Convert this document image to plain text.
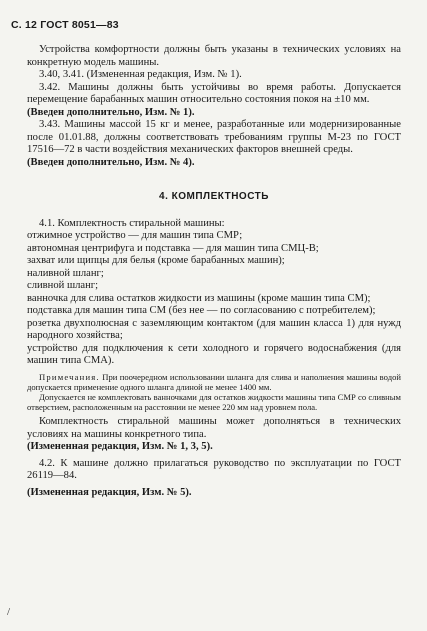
С. 12 ГОСТ 8051—83

Устройства комфортности должны быть указаны в технических условиях на конкретную модель машины.

3.40, 3.41. (Измененная редакция, Изм. № 1).

3.42. Машины должны быть устойчивы во время работы. Допускается перемещение барабанных машин относительно состояния покоя на ±10 мм.

(Введен дополнительно, Изм. № 1).

3.43. Машины массой 15 кг и менее, разработанные или модернизированные после 01.01.88, должны соответствовать требованиям группы М-23 по ГОСТ 17516—72 в части воздействия механических факторов внешней среды.

(Введен дополнительно, Изм. № 4).

4. КОМПЛЕКТНОСТЬ

4.1. Комплектность стиральной машины:

отжимное устройство — для машин типа СМР;

автономная центрифуга и подставка — для машин типа СМЦ-В;

захват или щипцы для белья (кроме барабанных машин);

наливной шланг;

сливной шланг;

ванночка для слива остатков жидкости из машины (кроме машин типа СМ);

подставка для машин типа СМ (без нее — по согласованию с потребителем);

розетка двухполюсная с заземляющим контактом (для машин класса 1) для нужд народного хозяйства;

устройство для подключения к сети холодного и горячего водоснабжения (для машин типа СМА).

Примечания. При поочередном использовании шланга для слива и наполнения машины водой допускается применение одного шланга длиной не менее 1400 мм.

Допускается не комплектовать ванночками для остатков жидкости машины типа СМР со сливным отверстием, расположенным на расстоянии не менее 220 мм над уровнем пола.

Комплектность стиральной машины может дополняться в технических условиях на машины конкретного типа.

(Измененная редакция, Изм. № 1, 3, 5).

4.2. К машине должно прилагаться руководство по эксплуатации по ГОСТ 26119—84.

(Измененная редакция, Изм. № 5).

/
